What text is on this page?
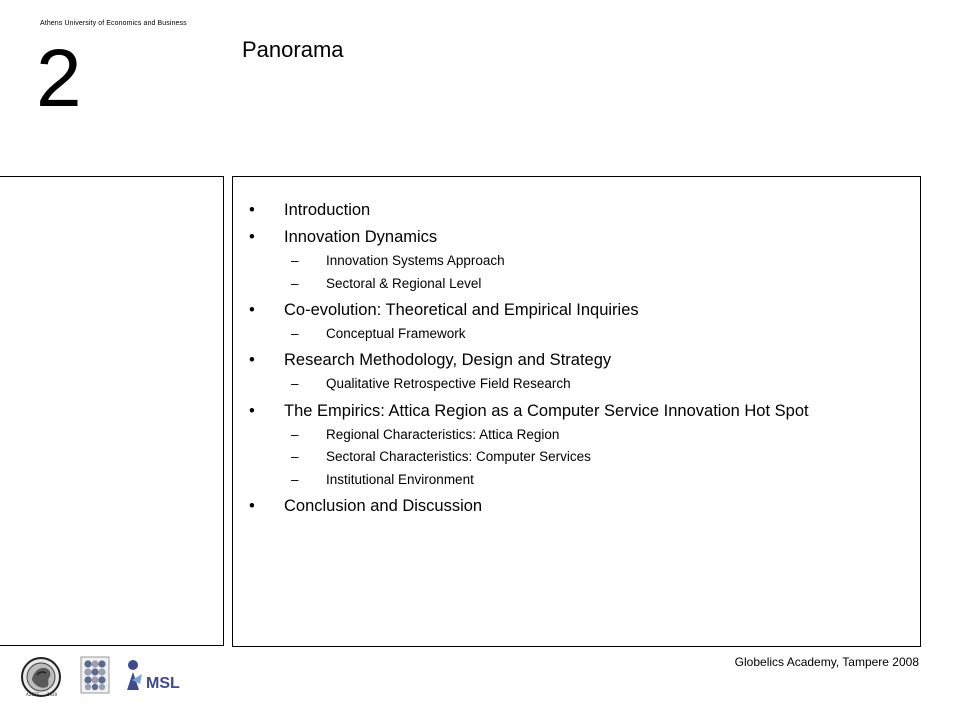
Athens University of Economics and Business
2	Panorama
• Introduction
• Innovation Dynamics
– Innovation Systems Approach
– Sectoral & Regional Level
• Co-evolution: Theoretical and Empirical Inquiries
– Conceptual Framework
• Research Methodology, Design and Strategy
– Qualitative Retrospective Field Research
• The Empirics: Attica Region as a Computer Service Innovation Hot Spot
– Regional Characteristics: Attica Region
– Sectoral Characteristics: Computer Services
– Institutional Environment
• Conclusion and Discussion
Globelics Academy, Tampere 2008
ΑΣΟΕΕ 1920
MSL
